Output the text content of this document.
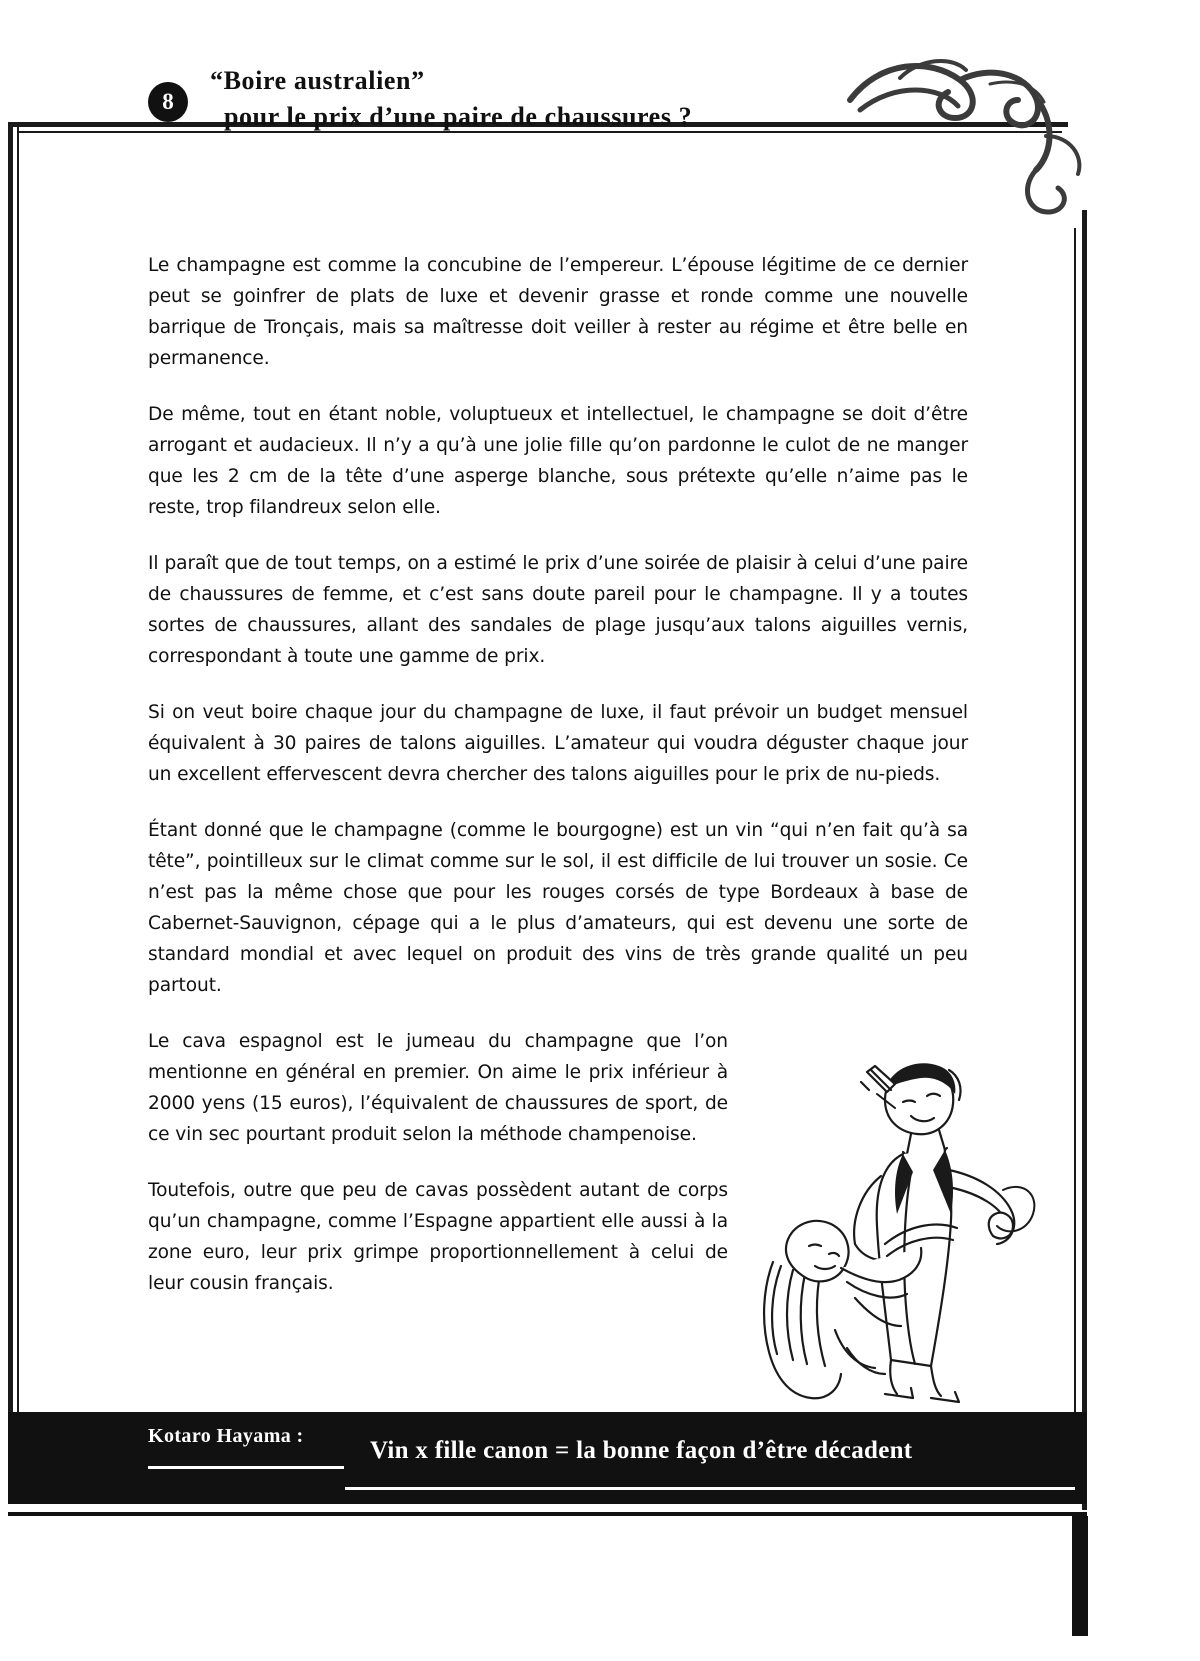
8
“Boire australien”
pour le prix d’une paire de chaussures ?

Le champagne est comme la concubine de l’empereur. L’épouse légitime de ce dernier peut se goinfrer de plats de luxe et devenir grasse et ronde comme une nouvelle barrique de Tronçais, mais sa maîtresse doit veiller à rester au régime et être belle en permanence.

De même, tout en étant noble, voluptueux et intellectuel, le champagne se doit d’être arrogant et audacieux. Il n’y a qu’à une jolie fille qu’on pardonne le culot de ne manger que les 2 cm de la tête d’une asperge blanche, sous prétexte qu’elle n’aime pas le reste, trop filandreux selon elle.

Il paraît que de tout temps, on a estimé le prix d’une soirée de plaisir à celui d’une paire de chaussures de femme, et c’est sans doute pareil pour le champagne. Il y a toutes sortes de chaussures, allant des sandales de plage jusqu’aux talons aiguilles vernis, correspondant à toute une gamme de prix.

Si on veut boire chaque jour du champagne de luxe, il faut prévoir un budget mensuel équivalent à 30 paires de talons aiguilles. L’amateur qui voudra déguster chaque jour un excellent effervescent devra chercher des talons aiguilles pour le prix de nu-pieds.

Étant donné que le champagne (comme le bourgogne) est un vin “qui n’en fait qu’à sa tête”, pointilleux sur le climat comme sur le sol, il est difficile de lui trouver un sosie. Ce n’est pas la même chose que pour les rouges corsés de type Bordeaux à base de Cabernet-Sauvignon, cépage qui a le plus d’amateurs, qui est devenu une sorte de standard mondial et avec lequel on produit des vins de très grande qualité un peu partout.

Le cava espagnol est le jumeau du champagne que l’on mentionne en général en premier. On aime le prix inférieur à 2000 yens (15 euros), l’équivalent de chaussures de sport, de ce vin sec pourtant produit selon la méthode champenoise.

Toutefois, outre que peu de cavas possèdent autant de corps qu’un champagne, comme l’Espagne appartient elle aussi à la zone euro, leur prix grimpe proportionnellement à celui de leur cousin français.

Kotaro Hayama :
Vin x fille canon = la bonne façon d’être décadent
